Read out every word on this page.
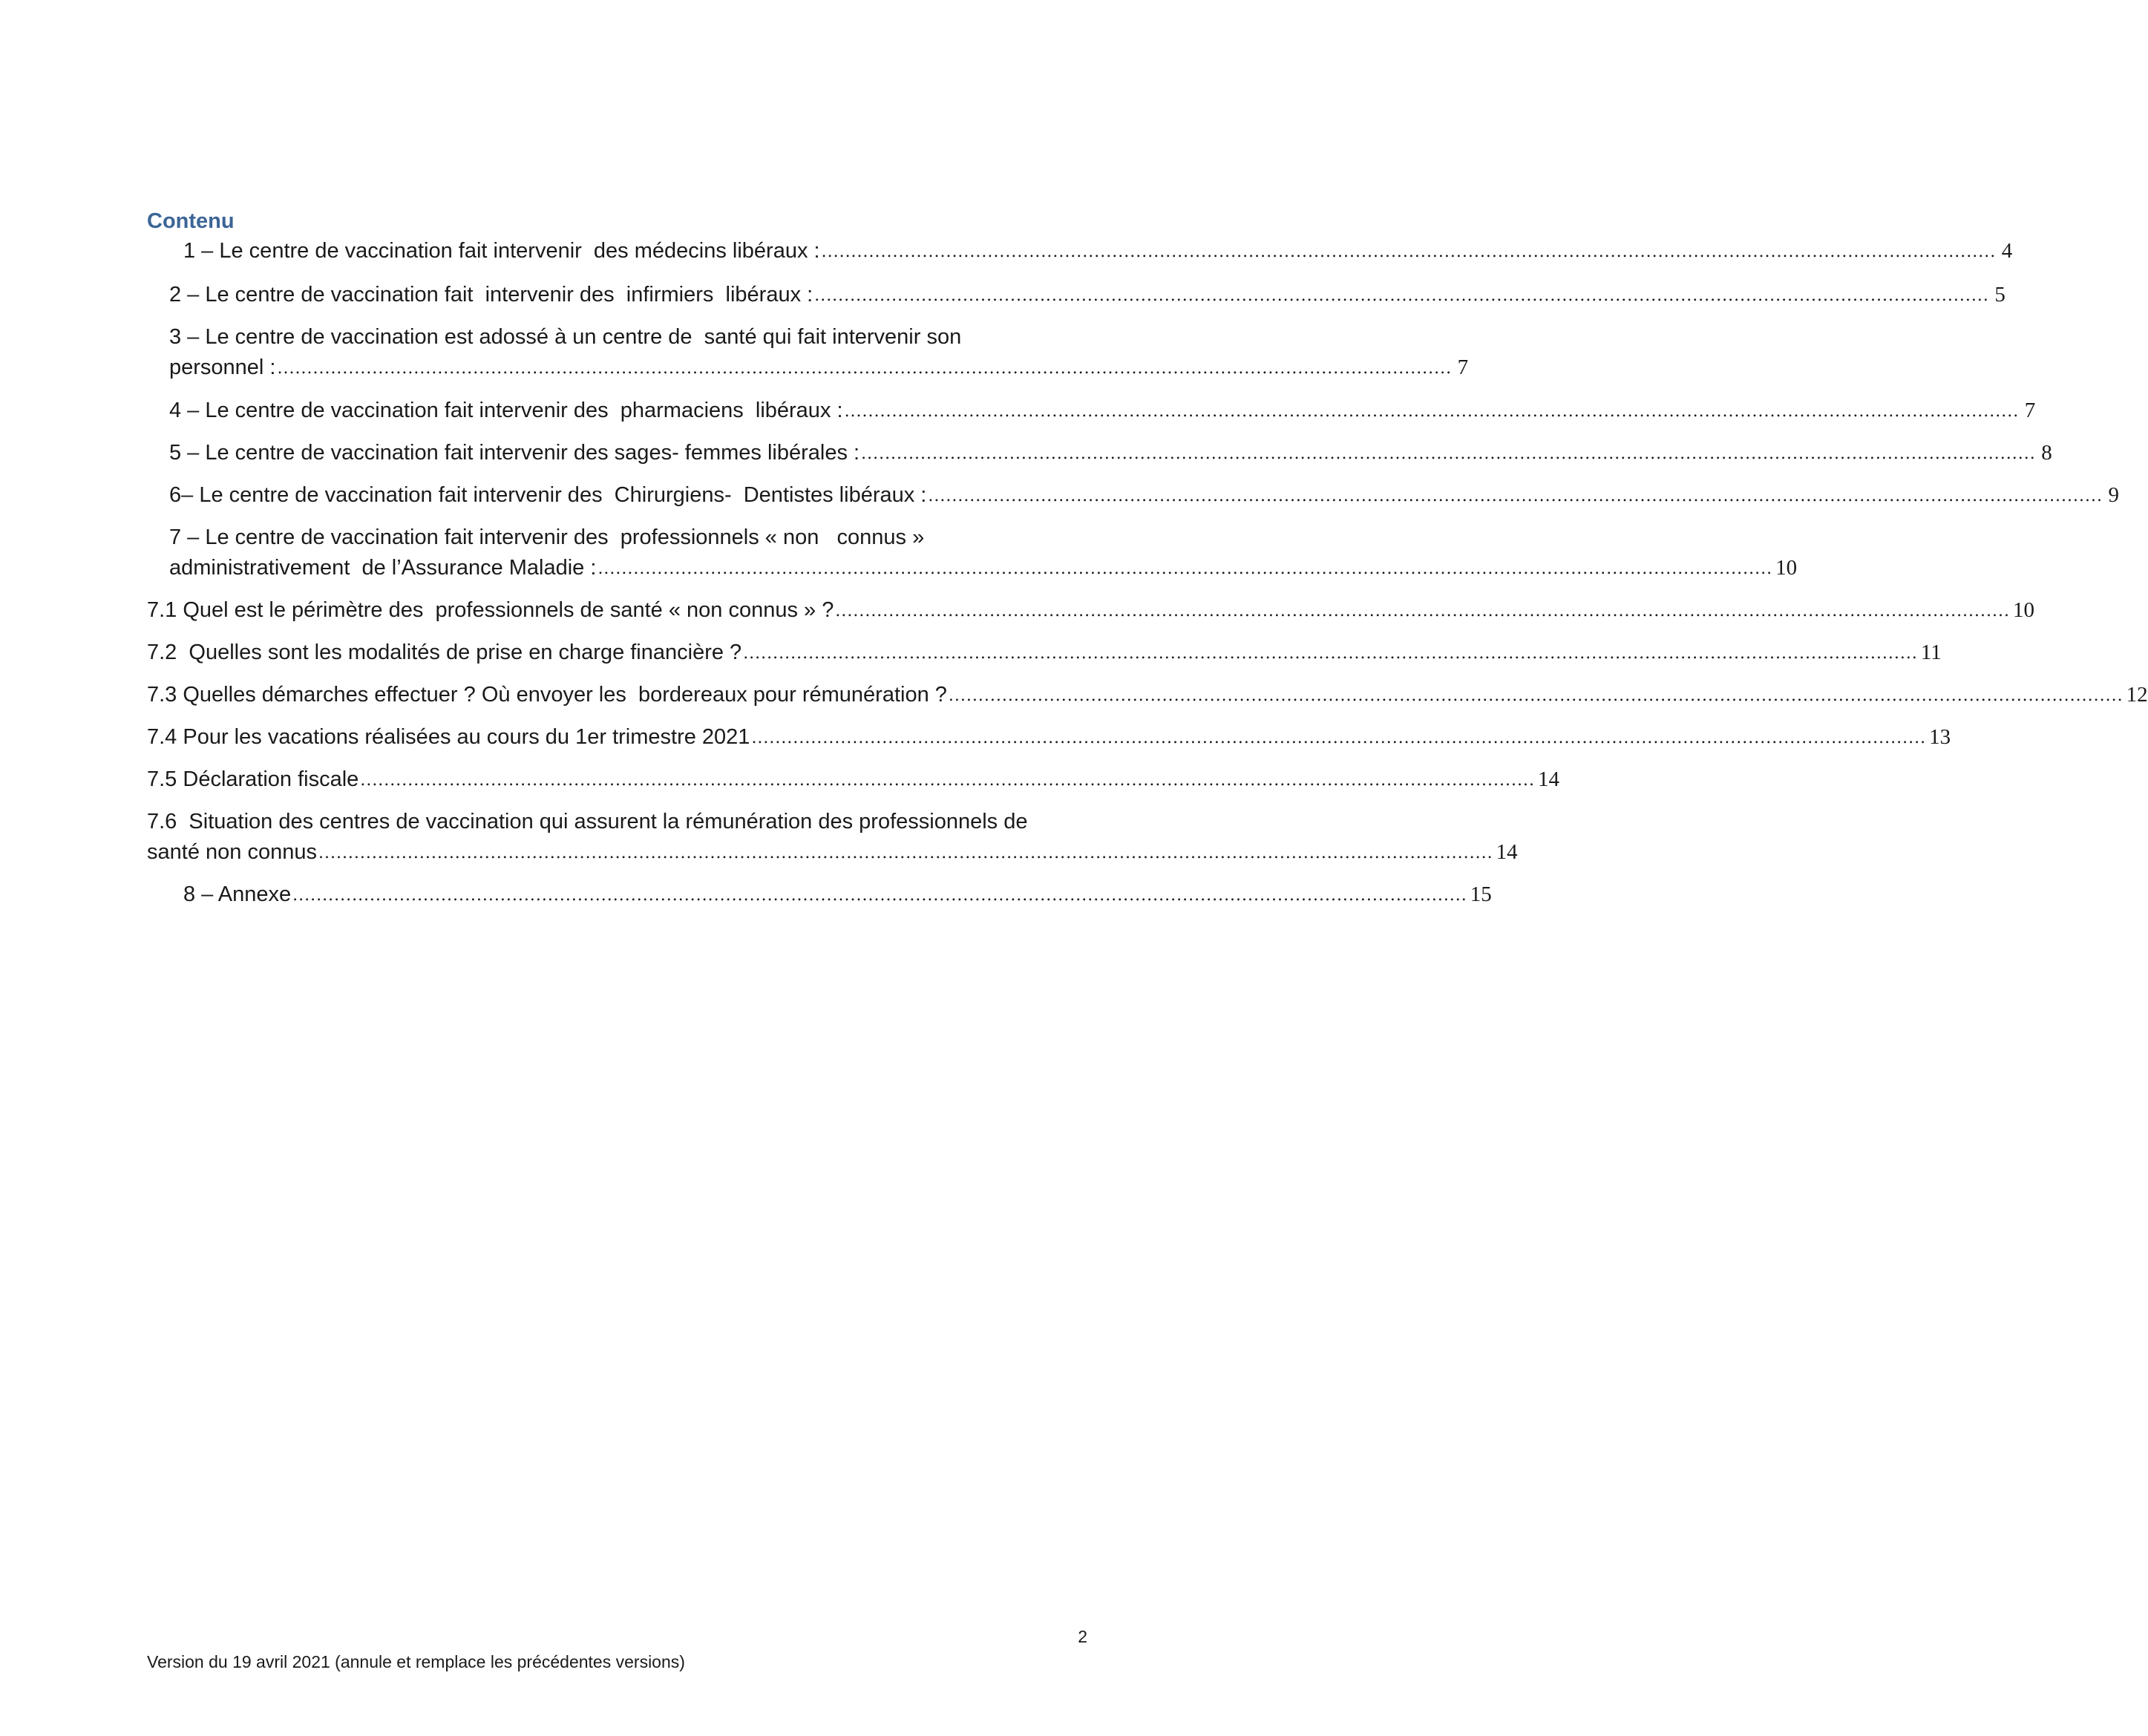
Contenu
1 – Le centre de vaccination fait intervenir  des médecins libéraux : ...................................................................................................................................................................................................... 4
2 – Le centre de vaccination fait  intervenir des  infirmiers  libéraux : ...................................................................................................................................................................................................... 5
3 – Le centre de vaccination est adossé à un centre de  santé qui fait intervenir son
personnel : ...................................................................................................................................................................................................... 7
4 – Le centre de vaccination fait intervenir des  pharmaciens  libéraux : ...................................................................................................................................................................................................... 7
5 – Le centre de vaccination fait intervenir des sages- femmes libérales : ...................................................................................................................................................................................................... 8
6– Le centre de vaccination fait intervenir des  Chirurgiens-  Dentistes libéraux : ...................................................................................................................................................................................................... 9
7 – Le centre de vaccination fait intervenir des  professionnels « non   connus »
administrativement  de l’Assurance Maladie : ...................................................................................................................................................................................................... 10
7.1 Quel est le périmètre des  professionnels de santé « non connus » ? ...................................................................................................................................................................................................... 10
7.2  Quelles sont les modalités de prise en charge financière ? ...................................................................................................................................................................................................... 11
7.3 Quelles démarches effectuer ? Où envoyer les  bordereaux pour rémunération ? ...................................................................................................................................................................................................... 12
7.4 Pour les vacations réalisées au cours du 1er trimestre 2021 ...................................................................................................................................................................................................... 13
7.5 Déclaration fiscale ...................................................................................................................................................................................................... 14
7.6  Situation des centres de vaccination qui assurent la rémunération des professionnels de
santé non connus ...................................................................................................................................................................................................... 14
8 – Annexe ...................................................................................................................................................................................................... 15
2
Version du 19 avril 2021 (annule et remplace les précédentes versions)
